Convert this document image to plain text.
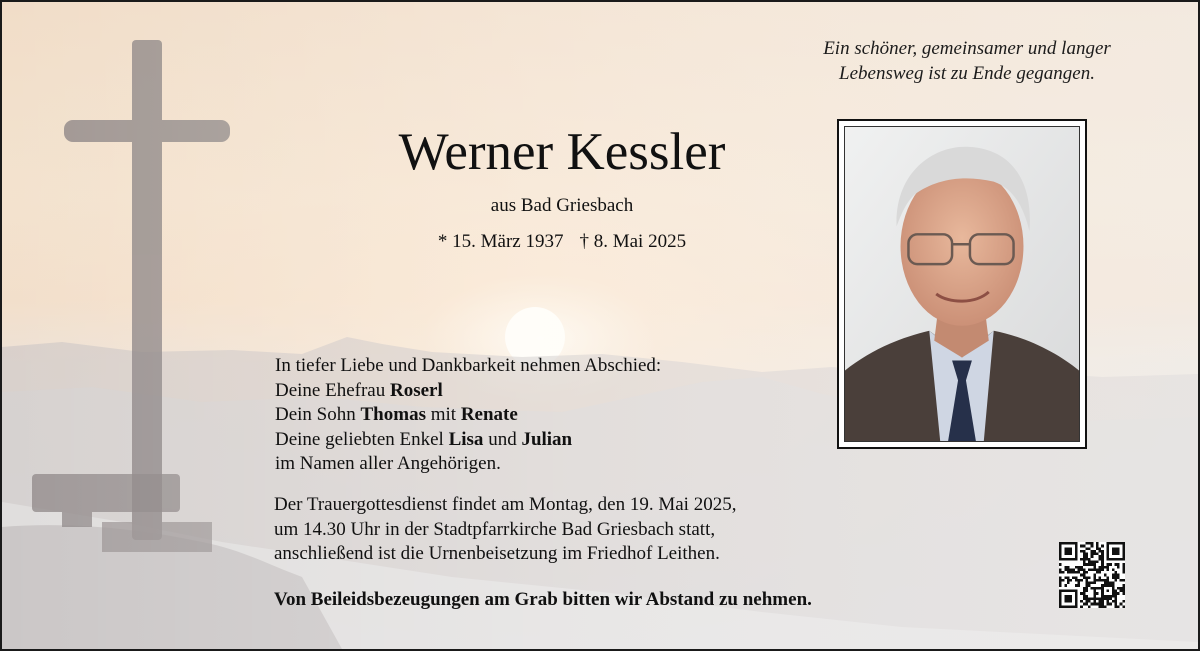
Ein schöner, gemeinsamer und langer
Lebensweg ist zu Ende gegangen.
Werner Kessler
aus Bad Griesbach
* 15. März 1937 † 8. Mai 2025
In tiefer Liebe und Dankbarkeit nehmen Abschied:
Deine Ehefrau Roserl
Dein Sohn Thomas mit Renate
Deine geliebten Enkel Lisa und Julian
im Namen aller Angehörigen.
Der Trauergottesdienst findet am Montag, den 19. Mai 2025,
um 14.30 Uhr in der Stadtpfarrkirche Bad Griesbach statt,
anschließend ist die Urnenbeisetzung im Friedhof Leithen.
Von Beileidsbezeugungen am Grab bitten wir Abstand zu nehmen.
